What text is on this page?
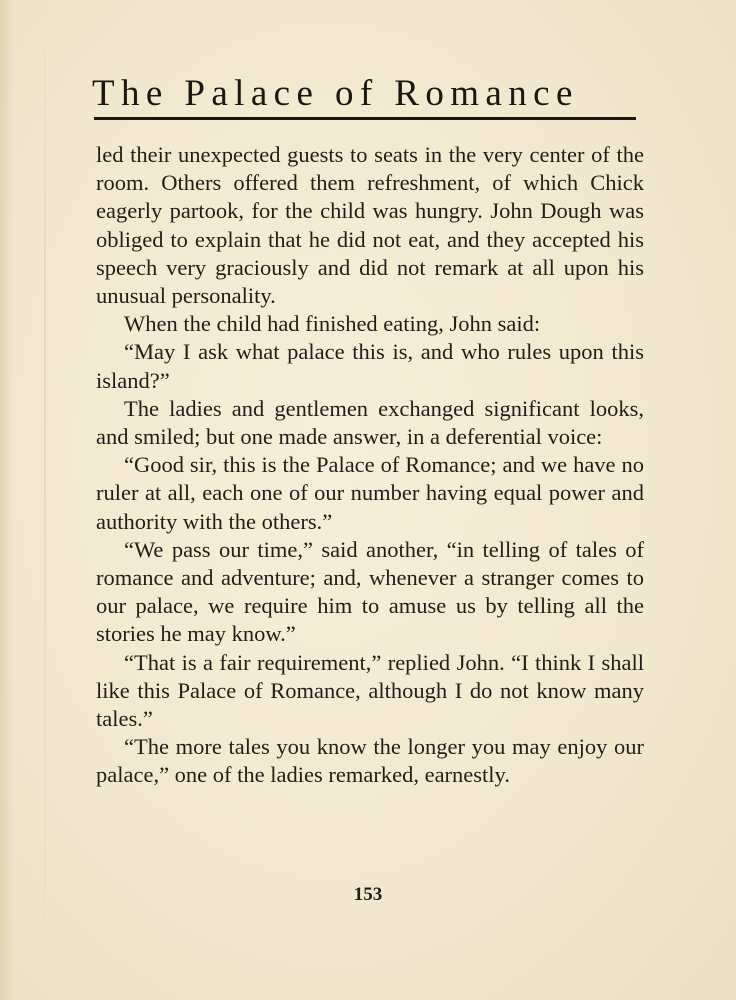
The Palace of Romance

led their unexpected guests to seats in the very center of the room. Others offered them refreshment, of which Chick eagerly partook, for the child was hungry. John Dough was obliged to explain that he did not eat, and they accepted his speech very graciously and did not remark at all upon his unusual personality.

When the child had finished eating, John said:

“May I ask what palace this is, and who rules upon this island?”

The ladies and gentlemen exchanged significant looks, and smiled; but one made answer, in a deferential voice:

“Good sir, this is the Palace of Romance; and we have no ruler at all, each one of our number having equal power and authority with the others.”

“We pass our time,” said another, “in telling of tales of romance and adventure; and, whenever a stranger comes to our palace, we require him to amuse us by telling all the stories he may know.”

“That is a fair requirement,” replied John. “I think I shall like this Palace of Romance, although I do not know many tales.”

“The more tales you know the longer you may enjoy our palace,” one of the ladies remarked, earnestly.

153
